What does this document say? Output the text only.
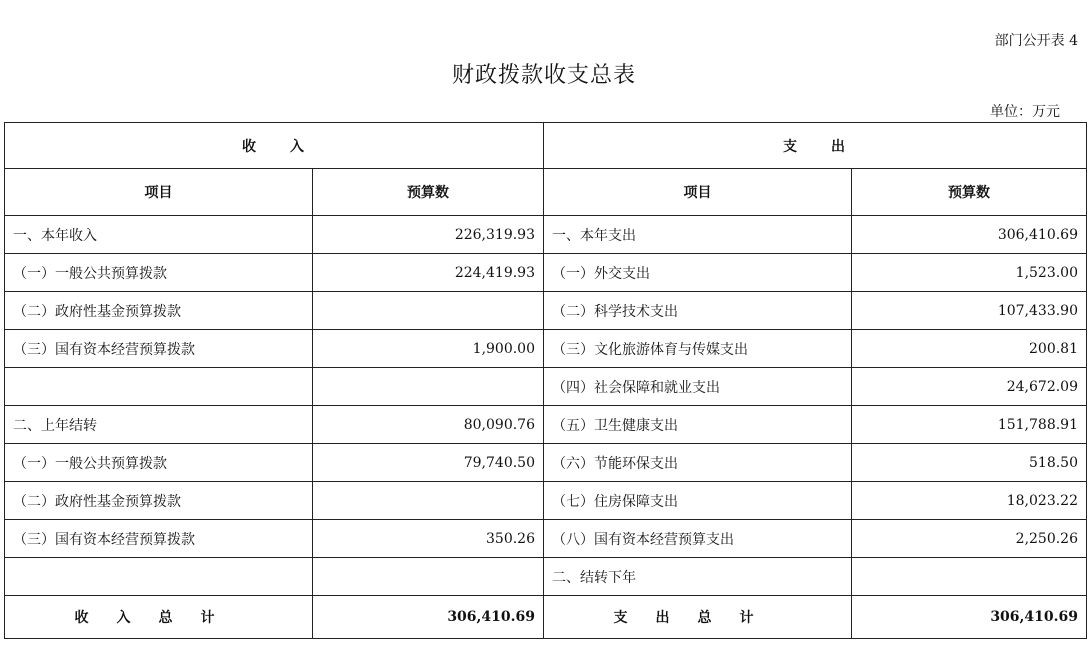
部门公开表 4
财政拨款收支总表
单位：万元
收　　入		支　　出	
项目	预算数	项目	预算数
一、本年收入	226,319.93	一、本年支出	306,410.69
（一）一般公共预算拨款	224,419.93	（一）外交支出	1,523.00
（二）政府性基金预算拨款		（二）科学技术支出	107,433.90
（三）国有资本经营预算拨款	1,900.00	（三）文化旅游体育与传媒支出	200.81
		（四）社会保障和就业支出	24,672.09
二、上年结转	80,090.76	（五）卫生健康支出	151,788.91
（一）一般公共预算拨款	79,740.50	（六）节能环保支出	518.50
（二）政府性基金预算拨款		（七）住房保障支出	18,023.22
（三）国有资本经营预算拨款	350.26	（八）国有资本经营预算支出	2,250.26
		二、结转下年	
收入总计	306,410.69	支出总计	306,410.69
